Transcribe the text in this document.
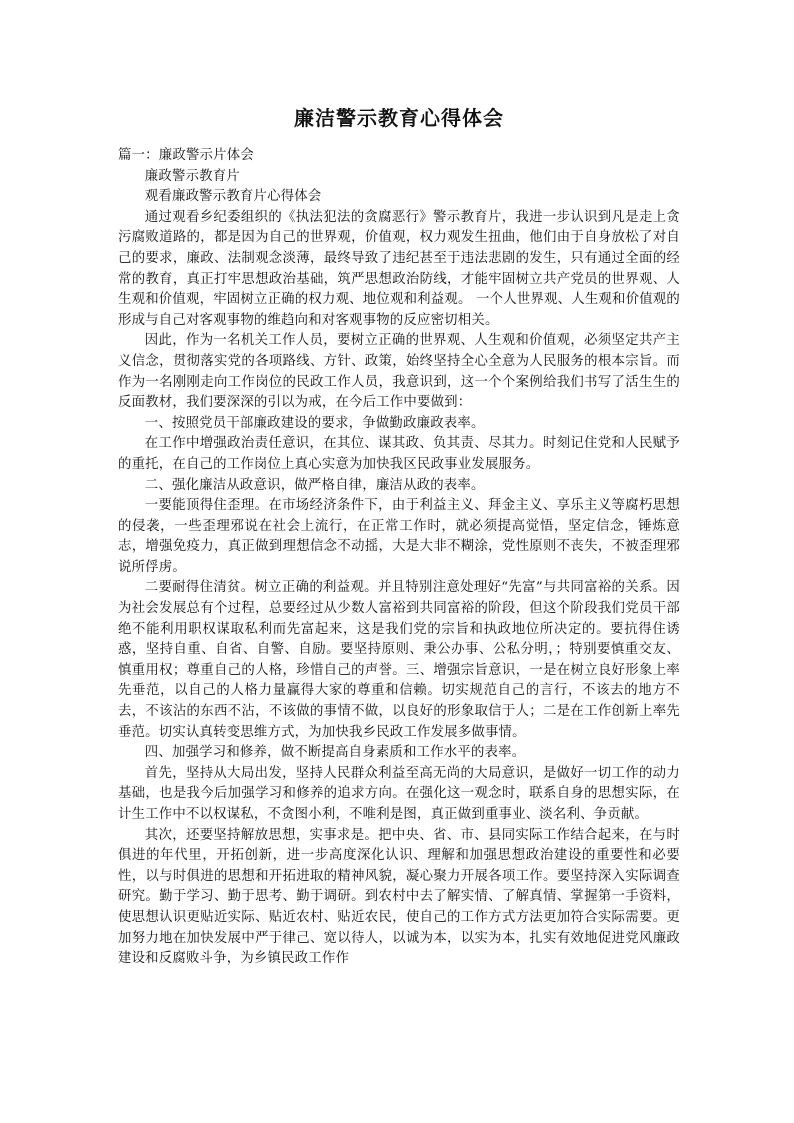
廉洁警示教育心得体会

篇一：廉政警示片体会

廉政警示教育片

观看廉政警示教育片心得体会

通过观看乡纪委组织的《执法犯法的贪腐恶行》警示教育片，我进一步认识到凡是走上贪污腐败道路的，都是因为自己的世界观，价值观，权力观发生扭曲，他们由于自身放松了对自己的要求，廉政、法制观念淡薄，最终导致了违纪甚至于违法悲剧的发生，只有通过全面的经常的教育，真正打牢思想政治基础，筑严思想政治防线，才能牢固树立共产党员的世界观、人生观和价值观，牢固树立正确的权力观、地位观和利益观。 一个人世界观、人生观和价值观的形成与自己对客观事物的维趋向和对客观事物的反应密切相关。

因此，作为一名机关工作人员，要树立正确的世界观、人生观和价值观，必须坚定共产主义信念，贯彻落实党的各项路线、方针、政策，始终坚持全心全意为人民服务的根本宗旨。而作为一名刚刚走向工作岗位的民政工作人员，我意识到，这一个个案例给我们书写了活生生的反面教材，我们要深深的引以为戒，在今后工作中要做到：

一、按照党员干部廉政建设的要求，争做勤政廉政表率。

在工作中增强政治责任意识，在其位、谋其政、负其责、尽其力。时刻记住党和人民赋予的重托，在自己的工作岗位上真心实意为加快我区民政事业发展服务。

二、强化廉洁从政意识，做严格自律，廉洁从政的表率。

一要能顶得住歪理。在市场经济条件下，由于利益主义、拜金主义、享乐主义等腐朽思想的侵袭，一些歪理邪说在社会上流行，在正常工作时，就必须提高觉悟，坚定信念，锤炼意志，增强免疫力，真正做到理想信念不动摇，大是大非不糊涂，党性原则不丧失，不被歪理邪说所俘虏。

二要耐得住清贫。树立正确的利益观。并且特别注意处理好“先富”与共同富裕的关系。因为社会发展总有个过程，总要经过从少数人富裕到共同富裕的阶段，但这个阶段我们党员干部绝不能利用职权谋取私利而先富起来，这是我们党的宗旨和执政地位所决定的。要抗得住诱惑，坚持自重、自省、自警、自励。要坚持原则、秉公办事、公私分明，；特别要慎重交友、慎重用权；尊重自己的人格，珍惜自己的声誉。三、增强宗旨意识，一是在树立良好形象上率先垂范，以自己的人格力量赢得大家的尊重和信赖。切实规范自己的言行，不该去的地方不去，不该沾的东西不沾，不该做的事情不做，以良好的形象取信于人；二是在工作创新上率先垂范。切实认真转变思维方式，为加快我乡民政工作发展多做事情。

四、加强学习和修养，做不断提高自身素质和工作水平的表率。

首先，坚持从大局出发，坚持人民群众利益至高无尚的大局意识，是做好一切工作的动力基础，也是我今后加强学习和修养的追求方向。在强化这一观念时，联系自身的思想实际，在计生工作中不以权谋私，不贪图小利，不唯利是图，真正做到重事业、淡名利、争贡献。

其次，还要坚持解放思想，实事求是。把中央、省、市、县同实际工作结合起来，在与时俱进的年代里，开拓创新，进一步高度深化认识、理解和加强思想政治建设的重要性和必要性，以与时俱进的思想和开拓进取的精神风貌，凝心聚力开展各项工作。要坚持深入实际调查研究。勤于学习、勤于思考、勤于调研。到农村中去了解实情、了解真情、掌握第一手资料，使思想认识更贴近实际、贴近农村、贴近农民，使自己的工作方式方法更加符合实际需要。更加努力地在加快发展中严于律己、宽以待人，以诚为本，以实为本，扎实有效地促进党风廉政建设和反腐败斗争，为乡镇民政工作作
